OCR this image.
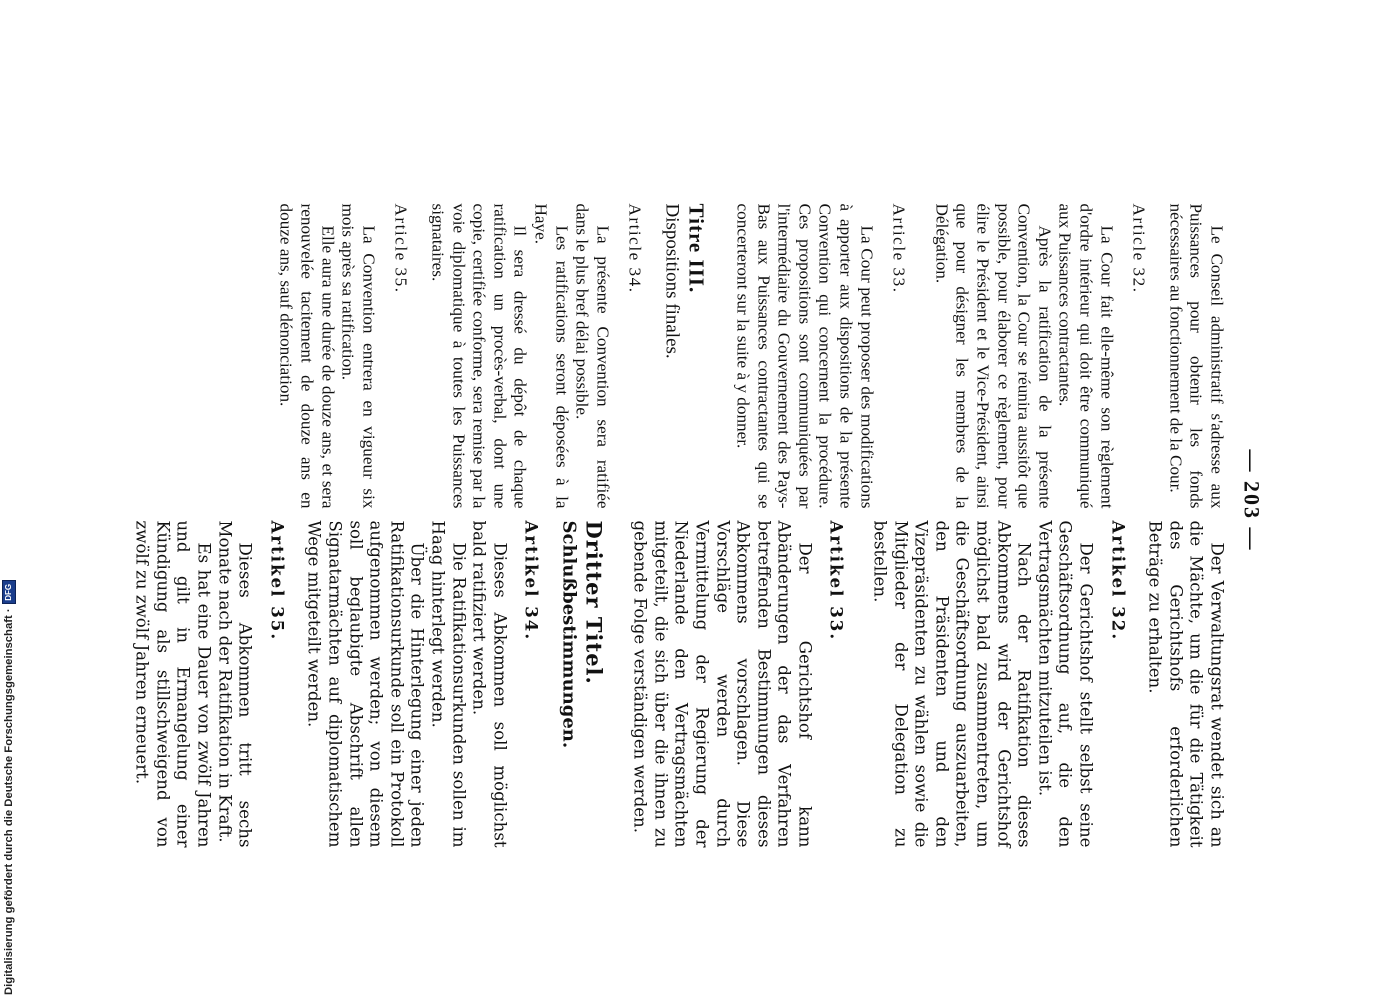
— 203 —

Le Conseil administratif s'adresse aux Puissances pour obtenir les fonds nécessaires au fonctionnement de la Cour.

Article 32.

La Cour fait elle-même son règlement d'ordre intérieur qui doit être communiqué aux Puissances contractantes.

Après la ratification de la présente Convention, la Cour se réunira aussitôt que possible, pour élaborer ce règlement, pour élire le Président et le Vice-Président, ainsi que pour désigner les membres de la Délégation.

Article 33.

La Cour peut proposer des modifications à apporter aux dispositions de la présente Convention qui concernent la procédure. Ces propositions sont communiquées par l'intermédiaire du Gouvernement des Pays-Bas aux Puissances contractantes qui se concerteront sur la suite à y donner.

Titre III.
Dispositions finales.
Article 34.

La présente Convention sera ratifiée dans le plus bref délai possible.

Les ratifications seront déposées à la Haye.

Il sera dressé du dépôt de chaque ratification un procès-verbal, dont une copie, certifiée conforme, sera remise par la voie diplomatique à toutes les Puissances signataires.

Article 35.

La Convention entrera en vigueur six mois après sa ratification.

Elle aura une durée de douze ans, et sera renouvelée tacitement de douze ans en douze ans, sauf dénonciation.

Der Verwaltungsrat wendet sich an die Mächte, um die für die Tätigkeit des Gerichtshofs erforderlichen Beträge zu erhalten.

Artikel 32.

Der Gerichtshof stellt selbst seine Geschäftsordnung auf, die den Vertragsmächten mitzuteilen ist.

Nach der Ratifikation dieses Abkommens wird der Gerichtshof möglichst bald zusammentreten, um die Geschäftsordnung auszuarbeiten, den Präsidenten und den Vizepräsidenten zu wählen sowie die Mitglieder der Delegation zu bestellen.

Artikel 33.

Der Gerichtshof kann Abänderungen der das Verfahren betreffenden Bestimmungen dieses Abkommens vorschlagen. Diese Vorschläge werden durch Vermittelung der Regierung der Niederlande den Vertragsmächten mitgeteilt, die sich über die ihnen zu gebende Folge verständigen werden.

Dritter Titel.
Schlußbestimmungen.
Artikel 34.

Dieses Abkommen soll möglichst bald ratifiziert werden.

Die Ratifikationsurkunden sollen im Haag hinterlegt werden.

Über die Hinterlegung einer jeden Ratifikationsurkunde soll ein Protokoll aufgenommen werden; von diesem soll beglaubigte Abschrift allen Signatarmächten auf diplomatischem Wege mitgeteilt werden.

Artikel 35.

Dieses Abkommen tritt sechs Monate nach der Ratifikation in Kraft.

Es hat eine Dauer von zwölf Jahren und gilt in Ermangelung einer Kündigung als stillschweigend von zwölf zu zwölf Jahren erneuert.

Digitalisierung gefördert durch die Deutsche Forschungsgemeinschaft ·
DFG
